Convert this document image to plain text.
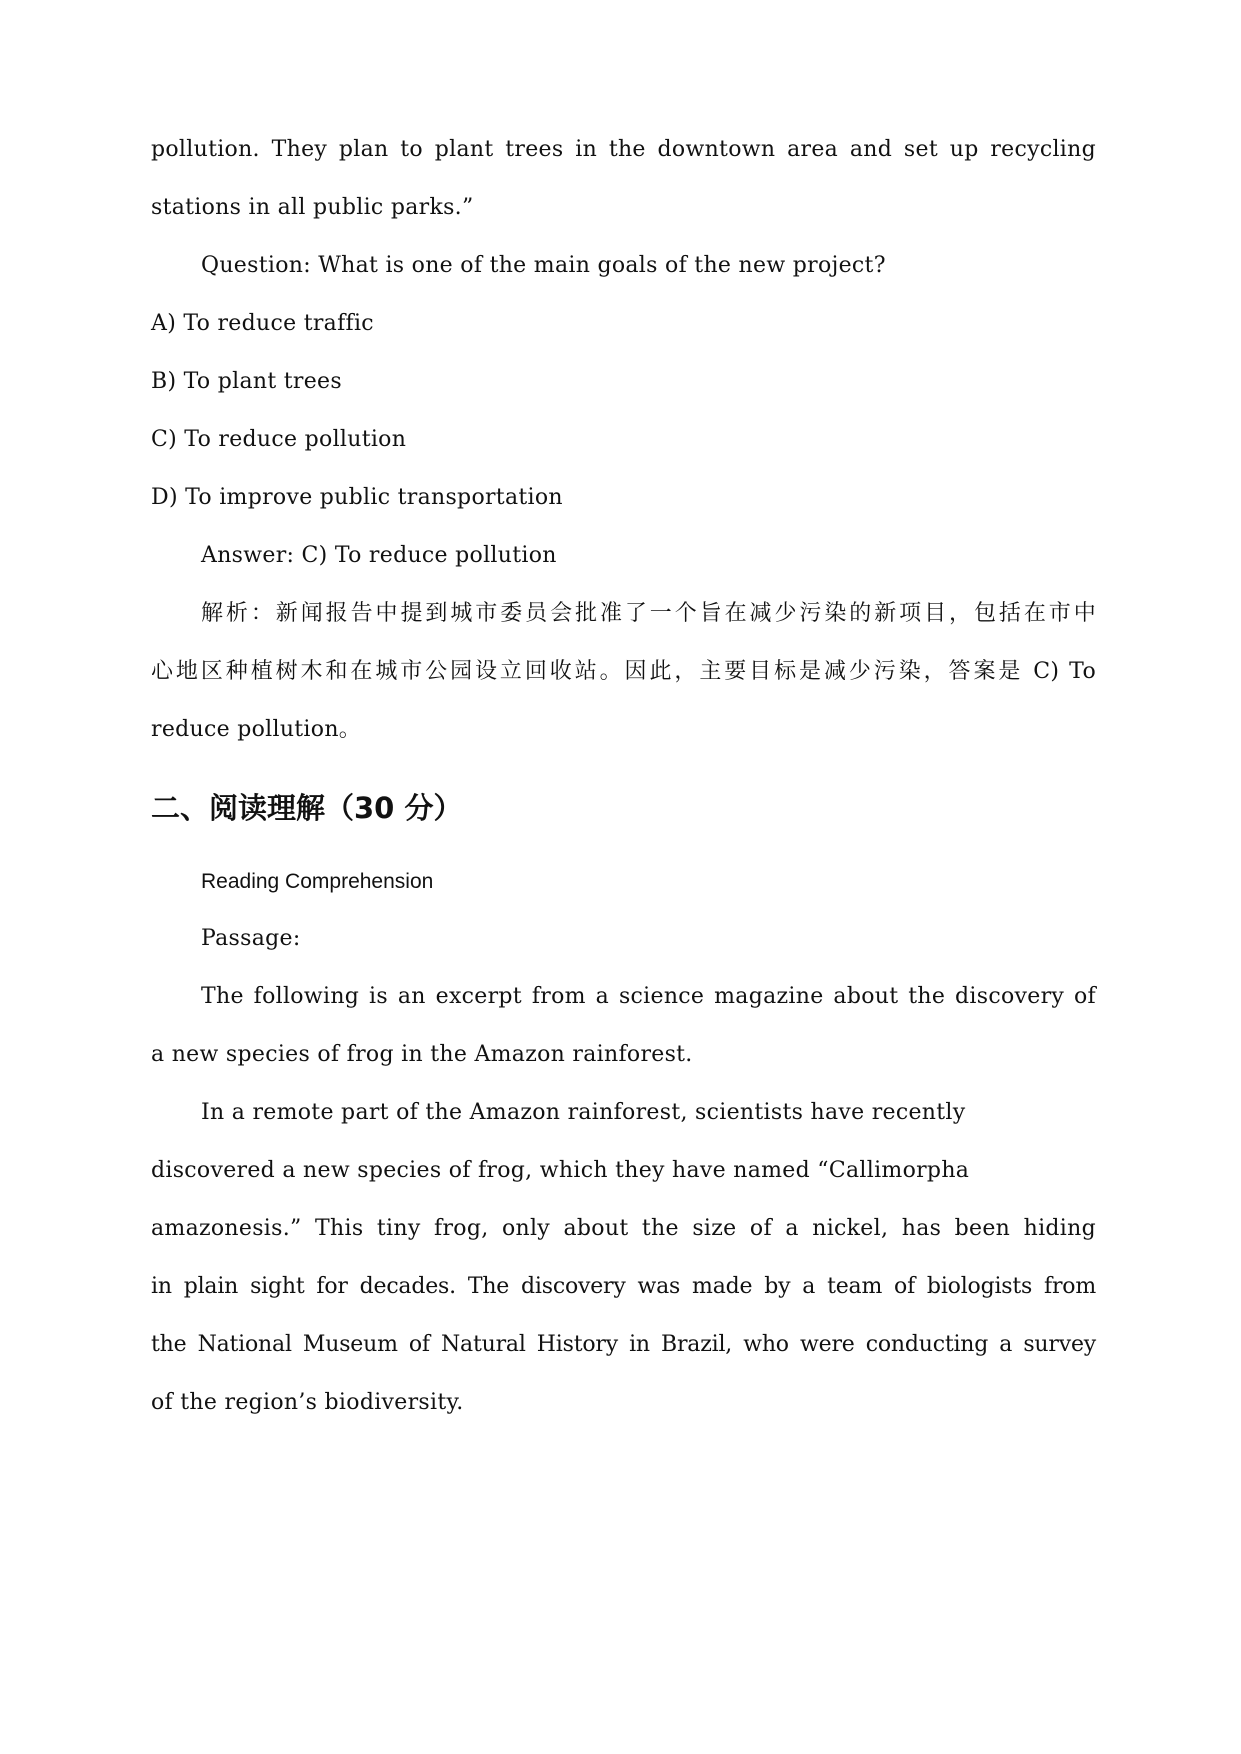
pollution. They plan to plant trees in the downtown area and set up recycling
stations in all public parks.”
Question: What is one of the main goals of the new project?
A) To reduce traffic
B) To plant trees
C) To reduce pollution
D) To improve public transportation
Answer: C) To reduce pollution
解析：新闻报告中提到城市委员会批准了一个旨在减少污染的新项目，包括在市中
心地区种植树木和在城市公园设立回收站。因此，主要目标是减少污染，答案是 C) To
reduce pollution。
二、阅读理解（30 分）
Reading Comprehension
Passage:
The following is an excerpt from a science magazine about the discovery of
a new species of frog in the Amazon rainforest.
In a remote part of the Amazon rainforest, scientists have recently
discovered a new species of frog, which they have named “Callimorpha
amazonesis.” This tiny frog, only about the size of a nickel, has been hiding
in plain sight for decades. The discovery was made by a team of biologists from
the National Museum of Natural History in Brazil, who were conducting a survey
of the region’s biodiversity.
